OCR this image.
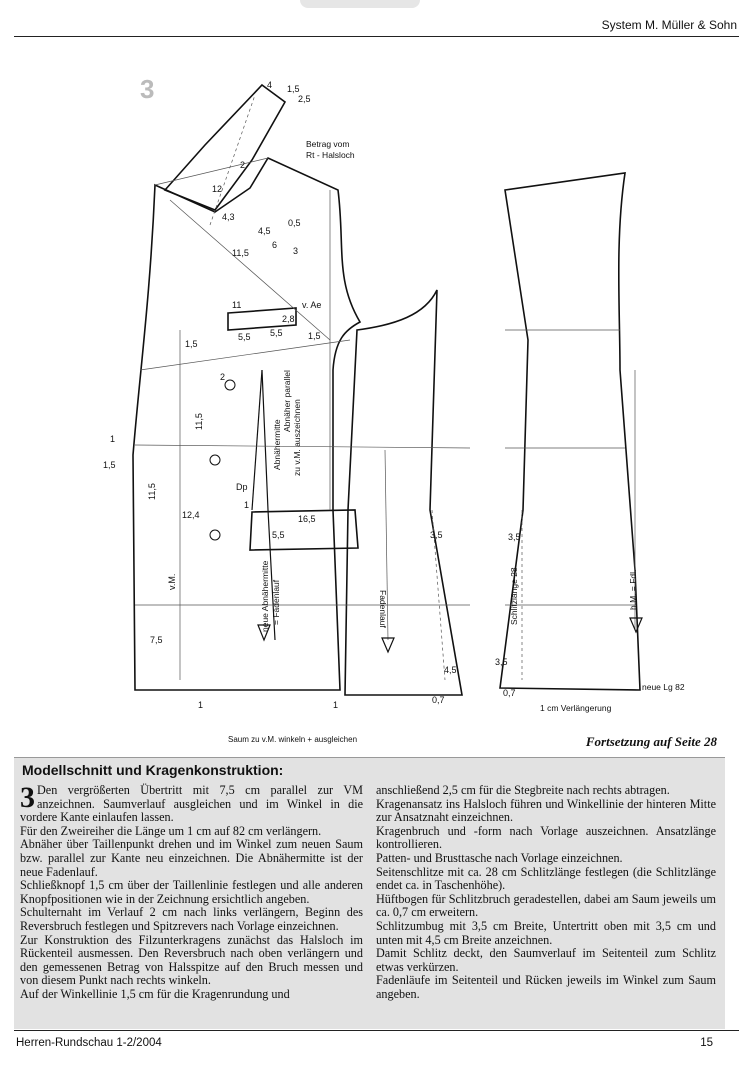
System M. Müller & Sohn
3	4 1,5
2,5
2
12
Betrag vom
Rt - Halsloch
4,3
4,5
0,5
6
3
11,5
11
2,8
v. Ae
1,5
5,5 5,5	1,5
2
11,5	Abnäher parallel zu v.M. auszeichnen
Abnähermitte
neue Abnähermitte = Fadenlauf
Dp
1
1,5
11,5
12,4
1
16,5
5,5
v.M.
7,5
1	1	0,7
Saum zu v.M. winkeln + ausgleichen
Fadenlauf
3,5
4,5
3,5
Schlitzlänge 28
3,5
h.M. = Fdl.
0,7
neue Lg 82
1 cm Verlängerung
Fortsetzung auf Seite 28
Modellschnitt und Kragenkonstruktion:

3 Den vergrößerten Übertritt mit 7,5 cm parallel zur VM anzeichnen. Saumverlauf ausgleichen und im Winkel in die vordere Kante einlaufen lassen.

Für den Zweireiher die Länge um 1 cm auf 82 cm verlängern.

Abnäher über Taillenpunkt drehen und im Winkel zum neuen Saum bzw. parallel zur Kante neu einzeichnen. Die Abnähermitte ist der neue Fadenlauf.

Schließknopf 1,5 cm über der Taillenlinie festlegen und alle anderen Knopfpositionen wie in der Zeichnung ersichtlich angeben.

Schulternaht im Verlauf 2 cm nach links verlängern, Beginn des Reversbruch festlegen und Spitzrevers nach Vorlage einzeichnen.

Zur Konstruktion des Filzunterkragens zunächst das Halsloch im Rückenteil ausmessen. Den Reversbruch nach oben verlängern und den gemessenen Betrag von Halsspitze auf den Bruch messen und von diesem Punkt nach rechts winkeln.

Auf der Winkellinie 1,5 cm für die Kragenrundung und

anschließend 2,5 cm für die Stegbreite nach rechts abtragen.

Kragenansatz ins Halsloch führen und Winkellinie der hinteren Mitte zur Ansatznaht einzeichnen.

Kragenbruch und -form nach Vorlage auszeichnen. Ansatzlänge kontrollieren.

Patten- und Brusttasche nach Vorlage einzeichnen.

Seitenschlitze mit ca. 28 cm Schlitzlänge festlegen (die Schlitzlänge endet ca. in Taschenhöhe).

Hüftbogen für Schlitzbruch geradestellen, dabei am Saum jeweils um ca. 0,7 cm erweitern.

Schlitzumbug mit 3,5 cm Breite, Untertritt oben mit 3,5 cm und unten mit 4,5 cm Breite anzeichnen.

Damit Schlitz deckt, den Saumverlauf im Seitenteil zum Schlitz etwas verkürzen.

Fadenläufe im Seitenteil und Rücken jeweils im Winkel zum Saum angeben.

Herren-Rundschau 1-2/2004	15
